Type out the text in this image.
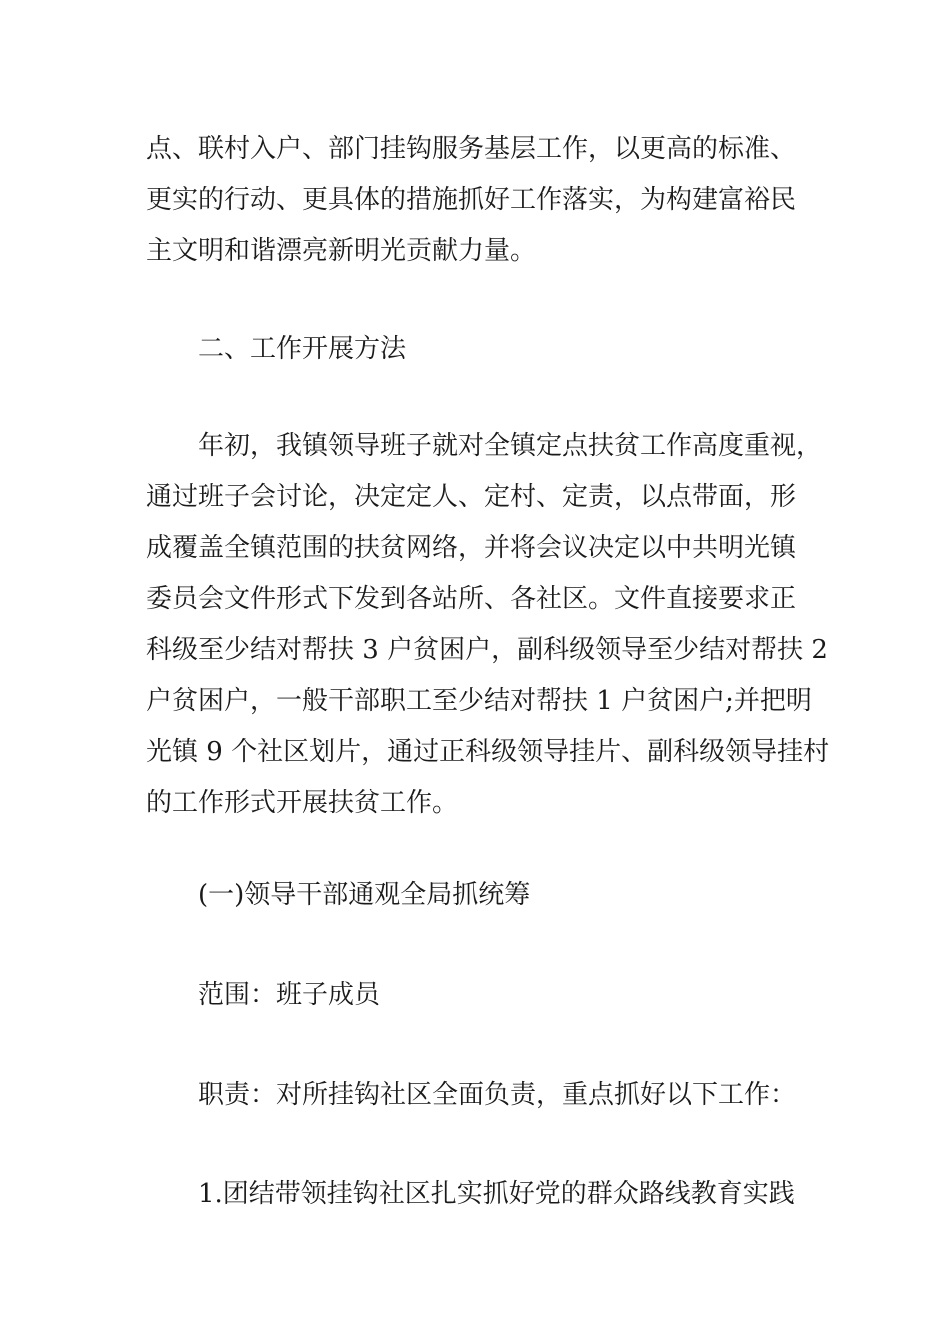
点、联村入户、部门挂钩服务基层工作，以更高的标准、
更实的行动、更具体的措施抓好工作落实，为构建富裕民
主文明和谐漂亮新明光贡献力量。
二、工作开展方法
年初，我镇领导班子就对全镇定点扶贫工作高度重视，
通过班子会讨论，决定定人、定村、定责，以点带面，形
成覆盖全镇范围的扶贫网络，并将会议决定以中共明光镇
委员会文件形式下发到各站所、各社区。文件直接要求正
科级至少结对帮扶 3 户贫困户，副科级领导至少结对帮扶 2
户贫困户，一般干部职工至少结对帮扶 1 户贫困户;并把明
光镇 9 个社区划片，通过正科级领导挂片、副科级领导挂村
的工作形式开展扶贫工作。
(一)领导干部通观全局抓统筹
范围：班子成员
职责：对所挂钩社区全面负责，重点抓好以下工作：
1.团结带领挂钩社区扎实抓好党的群众路线教育实践
